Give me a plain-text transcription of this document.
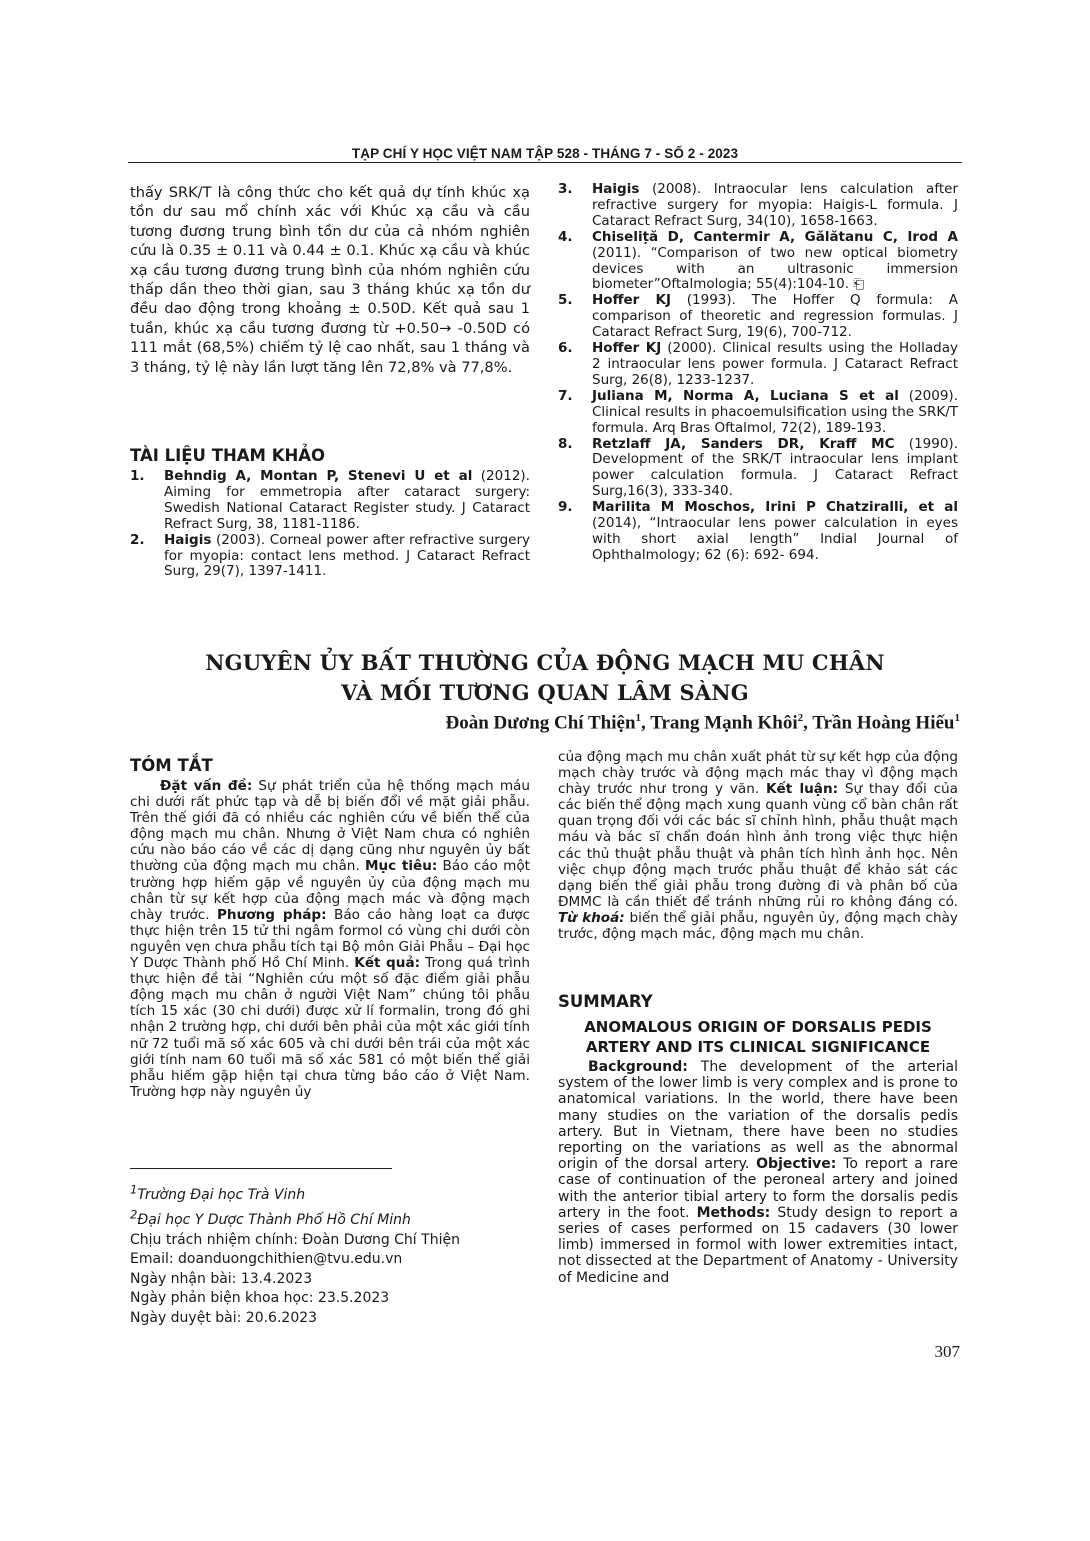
TẠP CHÍ Y HỌC VIỆT NAM TẬP 528 - THÁNG 7 - SỐ 2 - 2023
thấy SRK/T là công thức cho kết quả dự tính khúc xạ tồn dư sau mổ chính xác với Khúc xạ cầu và cầu tương đương trung bình tồn dư của cả nhóm nghiên cứu là 0.35 ± 0.11 và 0.44 ± 0.1. Khúc xạ cầu và khúc xạ cầu tương đương trung bình của nhóm nghiên cứu thấp dần theo thời gian, sau 3 tháng khúc xạ tồn dư đều dao động trong khoảng ± 0.50D. Kết quả sau 1 tuần, khúc xạ cầu tương đương từ +0.50→ -0.50D có 111 mắt (68,5%) chiếm tỷ lệ cao nhất, sau 1 tháng và 3 tháng, tỷ lệ này lần lượt tăng lên 72,8% và 77,8%.
TÀI LIỆU THAM KHẢO
1. Behndig A, Montan P, Stenevi U et al (2012). Aiming for emmetropia after cataract surgery: Swedish National Cataract Register study. J Cataract Refract Surg, 38, 1181-1186.
2. Haigis (2003). Corneal power after refractive surgery for myopia: contact lens method. J Cataract Refract Surg, 29(7), 1397-1411.
3. Haigis (2008). Intraocular lens calculation after refractive surgery for myopia: Haigis-L formula. J Cataract Refract Surg, 34(10), 1658-1663.
4. Chiseliță D, Cantermir A, Gălătanu C, Irod A (2011). “Comparison of two new optical biometry devices with an ultrasonic immersion biometer”Oftalmologia; 55(4):104-10. ⎗
5. Hoffer KJ (1993). The Hoffer Q formula: A comparison of theoretic and regression formulas. J Cataract Refract Surg, 19(6), 700-712.
6. Hoffer KJ (2000). Clinical results using the Holladay 2 intraocular lens power formula. J Cataract Refract Surg, 26(8), 1233-1237.
7. Juliana M, Norma A, Luciana S et al (2009). Clinical results in phacoemulsification using the SRK/T formula. Arq Bras Oftalmol, 72(2), 189-193.
8. Retzlaff JA, Sanders DR, Kraff MC (1990). Development of the SRK/T intraocular lens implant power calculation formula. J Cataract Refract Surg,16(3), 333-340.
9. Marilita M Moschos, Irini P Chatziralli, et al (2014), “Intraocular lens power calculation in eyes with short axial length” Indial Journal of Ophthalmology; 62 (6): 692- 694.
NGUYÊN ỦY BẤT THƯỜNG CỦA ĐỘNG MẠCH MU CHÂN
VÀ MỐI TƯƠNG QUAN LÂM SÀNG
Đoàn Dương Chí Thiện$^1$, Trang Mạnh Khôi$^2$, Trần Hoàng Hiếu$^1$
TÓM TẮT
Đặt vấn đề: Sự phát triển của hệ thống mạch máu chi dưới rất phức tạp và dễ bị biến đổi về mặt giải phẫu. Trên thế giới đã có nhiều các nghiên cứu về biến thể của động mạch mu chân. Nhưng ở Việt Nam chưa có nghiên cứu nào báo cáo về các dị dạng cũng như nguyên ủy bất thường của động mạch mu chân. Mục tiêu: Báo cáo một trường hợp hiếm gặp về nguyên ủy của động mạch mu chân từ sự kết hợp của động mạch mác và động mạch chày trước. Phương pháp: Báo cáo hàng loạt ca được thực hiện trên 15 tử thi ngâm formol có vùng chi dưới còn nguyên vẹn chưa phẫu tích tại Bộ môn Giải Phẫu – Đại học Y Dược Thành phố Hồ Chí Minh. Kết quả: Trong quá trình thực hiện đề tài “Nghiên cứu một số đặc điểm giải phẫu động mạch mu chân ở người Việt Nam” chúng tôi phẫu tích 15 xác (30 chi dưới) được xử lí formalin, trong đó ghi nhận 2 trường hợp, chi dưới bên phải của một xác giới tính nữ 72 tuổi mã số xác 605 và chi dưới bên trái của một xác giới tính nam 60 tuổi mã số xác 581 có một biến thể giải phẫu hiếm gặp hiện tại chưa từng báo cáo ở Việt Nam. Trường hợp này nguyên ủy
của động mạch mu chân xuất phát từ sự kết hợp của động mạch chày trước và động mạch mác thay vì động mạch chày trước như trong y văn. Kết luận: Sự thay đổi của các biến thể động mạch xung quanh vùng cổ bàn chân rất quan trọng đối với các bác sĩ chỉnh hình, phẫu thuật mạch máu và bác sĩ chẩn đoán hình ảnh trong việc thực hiện các thủ thuật phẫu thuật và phân tích hình ảnh học. Nên việc chụp động mạch trước phẫu thuật để khảo sát các dạng biến thể giải phẫu trong đường đi và phân bố của ĐMMC là cần thiết để tránh những rủi ro không đáng có. Từ khoá: biến thể giải phẫu, nguyên ủy, động mạch chày trước, động mạch mác, động mạch mu chân.
SUMMARY
ANOMALOUS ORIGIN OF DORSALIS PEDIS
ARTERY AND ITS CLINICAL SIGNIFICANCE
Background: The development of the arterial system of the lower limb is very complex and is prone to anatomical variations. In the world, there have been many studies on the variation of the dorsalis pedis artery. But in Vietnam, there have been no studies reporting on the variations as well as the abnormal origin of the dorsal artery. Objective: To report a rare case of continuation of the peroneal artery and joined with the anterior tibial artery to form the dorsalis pedis artery in the foot. Methods: Study design to report a series of cases performed on 15 cadavers (30 lower limb) immersed in formol with lower extremities intact, not dissected at the Department of Anatomy - University of Medicine and
$^1$Trường Đại học Trà Vinh
$^2$Đại học Y Dược Thành Phố Hồ Chí Minh
Chịu trách nhiệm chính: Đoàn Dương Chí Thiện
Email: doanduongchithien@tvu.edu.vn
Ngày nhận bài: 13.4.2023
Ngày phản biện khoa học: 23.5.2023
Ngày duyệt bài: 20.6.2023
307
